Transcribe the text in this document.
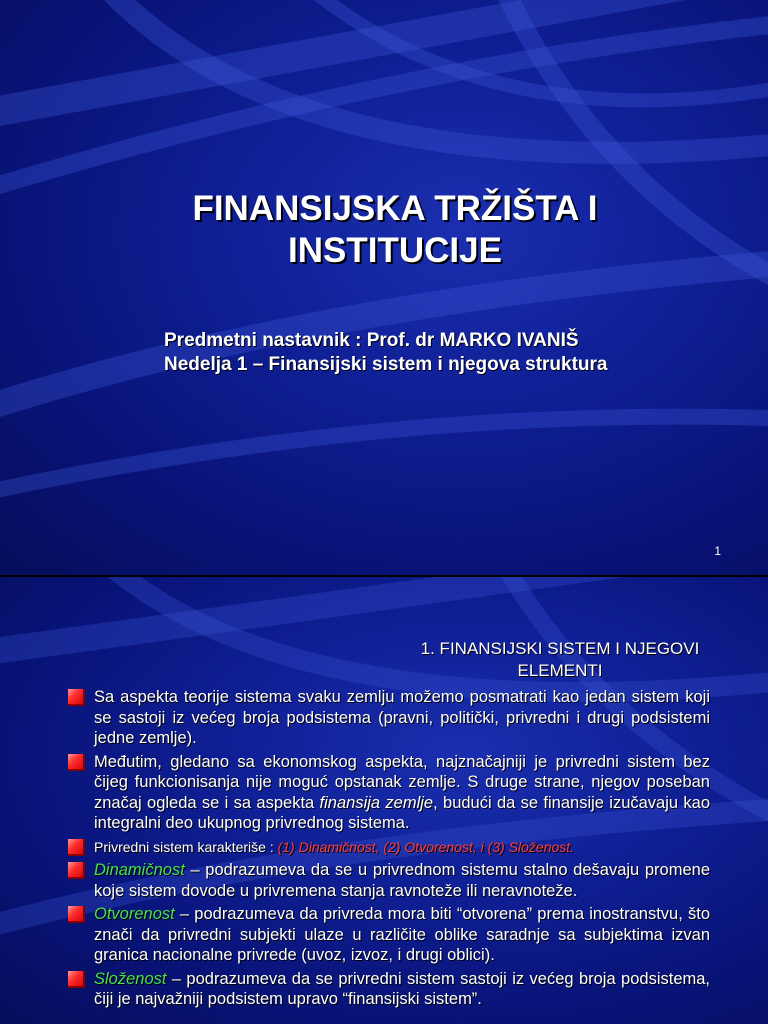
FINANSIJSKA TRŽIŠTA I
INSTITUCIJE
Predmetni nastavnik : Prof. dr MARKO IVANIŠ
Nedelja 1 – Finansijski sistem i njegova struktura
1
1. FINANSIJSKI SISTEM I NJEGOVI
ELEMENTI
Sa aspekta teorije sistema svaku zemlju možemo posmatrati kao jedan sistem koji se sastoji iz većeg broja podsistema (pravni, politički, privredni i drugi podsistemi jedne zemlje).
Međutim, gledano sa ekonomskog aspekta, najznačajniji je privredni sistem bez čijeg funkcionisanja nije moguć opstanak zemlje. S druge strane, njegov poseban značaj ogleda se i sa aspekta finansija zemlje, budući da se finansije izučavaju kao integralni deo ukupnog privrednog sistema.
Privredni sistem karakteriše : (1) Dinamičnost, (2) Otvorenost, i (3) Složenost.
Dinamičnost – podrazumeva da se u privrednom sistemu stalno dešavaju promene koje sistem dovode u privremena stanja ravnoteže ili neravnoteže.
Otvorenost – podrazumeva da privreda mora biti “otvorena” prema inostranstvu, što znači da privredni subjekti ulaze u različite oblike saradnje sa subjektima izvan granica nacionalne privrede (uvoz, izvoz, i drugi oblici).
Složenost – podrazumeva da se privredni sistem sastoji iz većeg broja podsistema, čiji je najvažniji podsistem upravo “finansijski sistem”.
